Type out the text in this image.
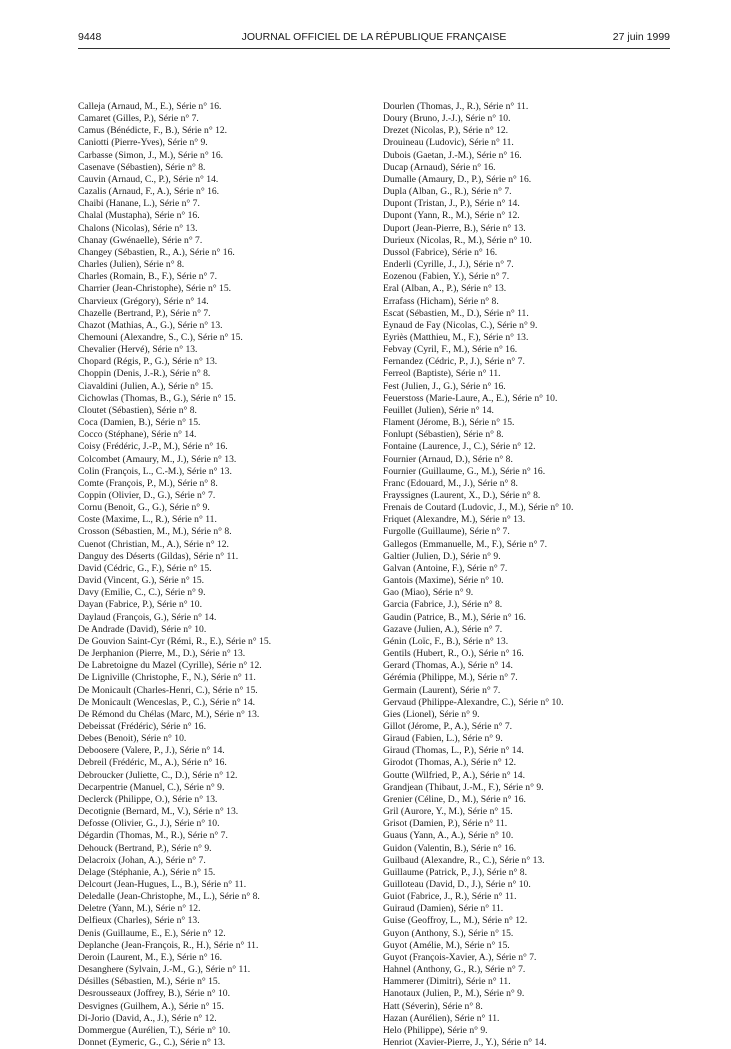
9448	JOURNAL OFFICIEL DE LA RÉPUBLIQUE FRANÇAISE	27 juin 1999
Calleja (Arnaud, M., E.), Série n° 16.
Camaret (Gilles, P.), Série n° 7.
Camus (Bénédicte, F., B.), Série n° 12.
Caniotti (Pierre-Yves), Série n° 9.
Carbasse (Simon, J., M.), Série n° 16.
Casenave (Sébastien), Série n° 8.
Cauvin (Arnaud, C., P.), Série n° 14.
Cazalis (Arnaud, F., A.), Série n° 16.
Chaibi (Hanane, L.), Série n° 7.
Chalal (Mustapha), Série n° 16.
Chalons (Nicolas), Série n° 13.
Chanay (Gwénaelle), Série n° 7.
Changey (Sébastien, R., A.), Série n° 16.
Charles (Julien), Série n° 8.
Charles (Romain, B., F.), Série n° 7.
Charrier (Jean-Christophe), Série n° 15.
Charvieux (Grégory), Série n° 14.
Chazelle (Bertrand, P.), Série n° 7.
Chazot (Mathias, A., G.), Série n° 13.
Chemouni (Alexandre, S., C.), Série n° 15.
Chevalier (Hervé), Série n° 13.
Chopard (Régis, P., G.), Série n° 13.
Choppin (Denis, J.-R.), Série n° 8.
Ciavaldini (Julien, A.), Série n° 15.
Cichowlas (Thomas, B., G.), Série n° 15.
Cloutet (Sébastien), Série n° 8.
Coca (Damien, B.), Série n° 15.
Cocco (Stéphane), Série n° 14.
Coisy (Frédéric, J.-P., M.), Série n° 16.
Colcombet (Amaury, M., J.), Série n° 13.
Colin (François, L., C.-M.), Série n° 13.
Comte (François, P., M.), Série n° 8.
Coppin (Olivier, D., G.), Série n° 7.
Cornu (Benoit, G., G.), Série n° 9.
Coste (Maxime, L., R.), Série n° 11.
Crosson (Sébastien, M., M.), Série n° 8.
Cuenot (Christian, M., A.), Série n° 12.
Danguy des Déserts (Gildas), Série n° 11.
David (Cédric, G., F.), Série n° 15.
David (Vincent, G.), Série n° 15.
Davy (Emilie, C., C.), Série n° 9.
Dayan (Fabrice, P.), Série n° 10.
Daylaud (François, G.), Série n° 14.
De Andrade (David), Série n° 10.
De Gouvion Saint-Cyr (Rémi, R., E.), Série n° 15.
De Jerphanion (Pierre, M., D.), Série n° 13.
De Labretoigne du Mazel (Cyrille), Série n° 12.
De Ligniville (Christophe, F., N.), Série n° 11.
De Monicault (Charles-Henri, C.), Série n° 15.
De Monicault (Wenceslas, P., C.), Série n° 14.
De Rémond du Chélas (Marc, M.), Série n° 13.
Debeissat (Frédéric), Série n° 16.
Debes (Benoit), Série n° 10.
Deboosere (Valere, P., J.), Série n° 14.
Debreil (Frédéric, M., A.), Série n° 16.
Debroucker (Juliette, C., D.), Série n° 12.
Decarpentrie (Manuel, C.), Série n° 9.
Declerck (Philippe, O.), Série n° 13.
Decotignie (Bernard, M., V.), Série n° 13.
Defosse (Olivier, G., J.), Série n° 10.
Dégardin (Thomas, M., R.), Série n° 7.
Dehouck (Bertrand, P.), Série n° 9.
Delacroix (Johan, A.), Série n° 7.
Delage (Stéphanie, A.), Série n° 15.
Delcourt (Jean-Hugues, L., B.), Série n° 11.
Deledalle (Jean-Christophe, M., L.), Série n° 8.
Deletre (Yann, M.), Série n° 12.
Delfieux (Charles), Série n° 13.
Denis (Guillaume, E., E.), Série n° 12.
Deplanche (Jean-François, R., H.), Série n° 11.
Deroin (Laurent, M., E.), Série n° 16.
Desanghere (Sylvain, J.-M., G.), Série n° 11.
Désilles (Sébastien, M.), Série n° 15.
Desrousseaux (Joffrey, B.), Série n° 10.
Desvignes (Guilhem, A.), Série n° 15.
Di-Jorio (David, A., J.), Série n° 12.
Dommergue (Aurélien, T.), Série n° 10.
Donnet (Eymeric, G., C.), Série n° 13.
Dourlen (Thomas, J., R.), Série n° 11.
Doury (Bruno, J.-J.), Série n° 10.
Drezet (Nicolas, P.), Série n° 12.
Drouineau (Ludovic), Série n° 11.
Dubois (Gaetan, J.-M.), Série n° 16.
Ducap (Arnaud), Série n° 16.
Dumalle (Amaury, D., P.), Série n° 16.
Dupla (Alban, G., R.), Série n° 7.
Dupont (Tristan, J., P.), Série n° 14.
Dupont (Yann, R., M.), Série n° 12.
Duport (Jean-Pierre, B.), Série n° 13.
Durieux (Nicolas, R., M.), Série n° 10.
Dussol (Fabrice), Série n° 16.
Enderli (Cyrille, J., J.), Série n° 7.
Eozenou (Fabien, Y.), Série n° 7.
Eral (Alban, A., P.), Série n° 13.
Errafass (Hicham), Série n° 8.
Escat (Sébastien, M., D.), Série n° 11.
Eynaud de Fay (Nicolas, C.), Série n° 9.
Eyriès (Matthieu, M., F.), Série n° 13.
Febvay (Cyril, F., M.), Série n° 16.
Fernandez (Cédric, P., J.), Série n° 7.
Ferreol (Baptiste), Série n° 11.
Fest (Julien, J., G.), Série n° 16.
Feuerstoss (Marie-Laure, A., E.), Série n° 10.
Feuillet (Julien), Série n° 14.
Flament (Jérome, B.), Série n° 15.
Fonlupt (Sébastien), Série n° 8.
Fontaine (Laurence, J., C.), Série n° 12.
Fournier (Arnaud, D.), Série n° 8.
Fournier (Guillaume, G., M.), Série n° 16.
Franc (Edouard, M., J.), Série n° 8.
Frayssignes (Laurent, X., D.), Série n° 8.
Frenais de Coutard (Ludovic, J., M.), Série n° 10.
Friquet (Alexandre, M.), Série n° 13.
Furgolle (Guillaume), Série n° 7.
Gallegos (Emmanuelle, M., F.), Série n° 7.
Galtier (Julien, D.), Série n° 9.
Galvan (Antoine, F.), Série n° 7.
Gantois (Maxime), Série n° 10.
Gao (Miao), Série n° 9.
Garcia (Fabrice, J.), Série n° 8.
Gaudin (Patrice, B., M.), Série n° 16.
Gazave (Julien, A.), Série n° 7.
Génin (Loïc, F., B.), Série n° 13.
Gentils (Hubert, R., O.), Série n° 16.
Gerard (Thomas, A.), Série n° 14.
Gérémia (Philippe, M.), Série n° 7.
Germain (Laurent), Série n° 7.
Gervaud (Philippe-Alexandre, C.), Série n° 10.
Gies (Lionel), Série n° 9.
Gillot (Jérome, P., A.), Série n° 7.
Giraud (Fabien, L.), Série n° 9.
Giraud (Thomas, L., P.), Série n° 14.
Girodot (Thomas, A.), Série n° 12.
Goutte (Wilfried, P., A.), Série n° 14.
Grandjean (Thibaut, J.-M., F.), Série n° 9.
Grenier (Céline, D., M.), Série n° 16.
Gril (Aurore, Y., M.), Série n° 15.
Grisot (Damien, P.), Série n° 11.
Guaus (Yann, A., A.), Série n° 10.
Guidon (Valentin, B.), Série n° 16.
Guilbaud (Alexandre, R., C.), Série n° 13.
Guillaume (Patrick, P., J.), Série n° 8.
Guilloteau (David, D., J.), Série n° 10.
Guiot (Fabrice, J., R.), Série n° 11.
Guiraud (Damien), Série n° 11.
Guise (Geoffroy, L., M.), Série n° 12.
Guyon (Anthony, S.), Série n° 15.
Guyot (Amélie, M.), Série n° 15.
Guyot (François-Xavier, A.), Série n° 7.
Hahnel (Anthony, G., R.), Série n° 7.
Hammerer (Dimitri), Série n° 11.
Hanotaux (Julien, P., M.), Série n° 9.
Hatt (Séverin), Série n° 8.
Hazan (Aurélien), Série n° 11.
Helo (Philippe), Série n° 9.
Henriot (Xavier-Pierre, J., Y.), Série n° 14.
